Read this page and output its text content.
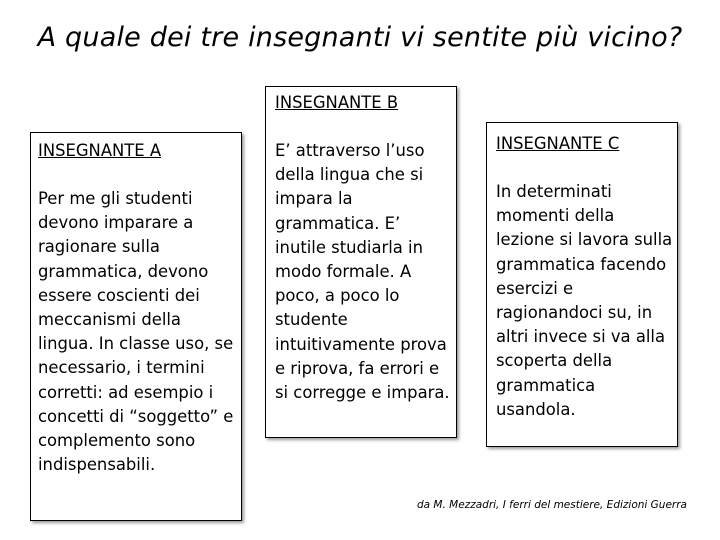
A quale dei tre insegnanti vi sentite più vicino?
INSEGNANTE A
Per me gli studenti devono imparare a ragionare sulla grammatica, devono essere coscienti dei meccanismi della lingua. In classe uso, se necessario, i termini corretti: ad esempio i concetti di “soggetto” e complemento sono indispensabili.
INSEGNANTE B
E’ attraverso l’uso della lingua che si impara la grammatica. E’ inutile studiarla in modo formale. A poco, a poco lo studente intuitivamente prova e riprova, fa errori e si corregge e impara.
INSEGNANTE C
In determinati momenti della lezione si lavora sulla grammatica facendo esercizi e ragionandoci su, in altri invece si va alla scoperta della grammatica usandola.
da M. Mezzadri, I ferri del mestiere, Edizioni Guerra
